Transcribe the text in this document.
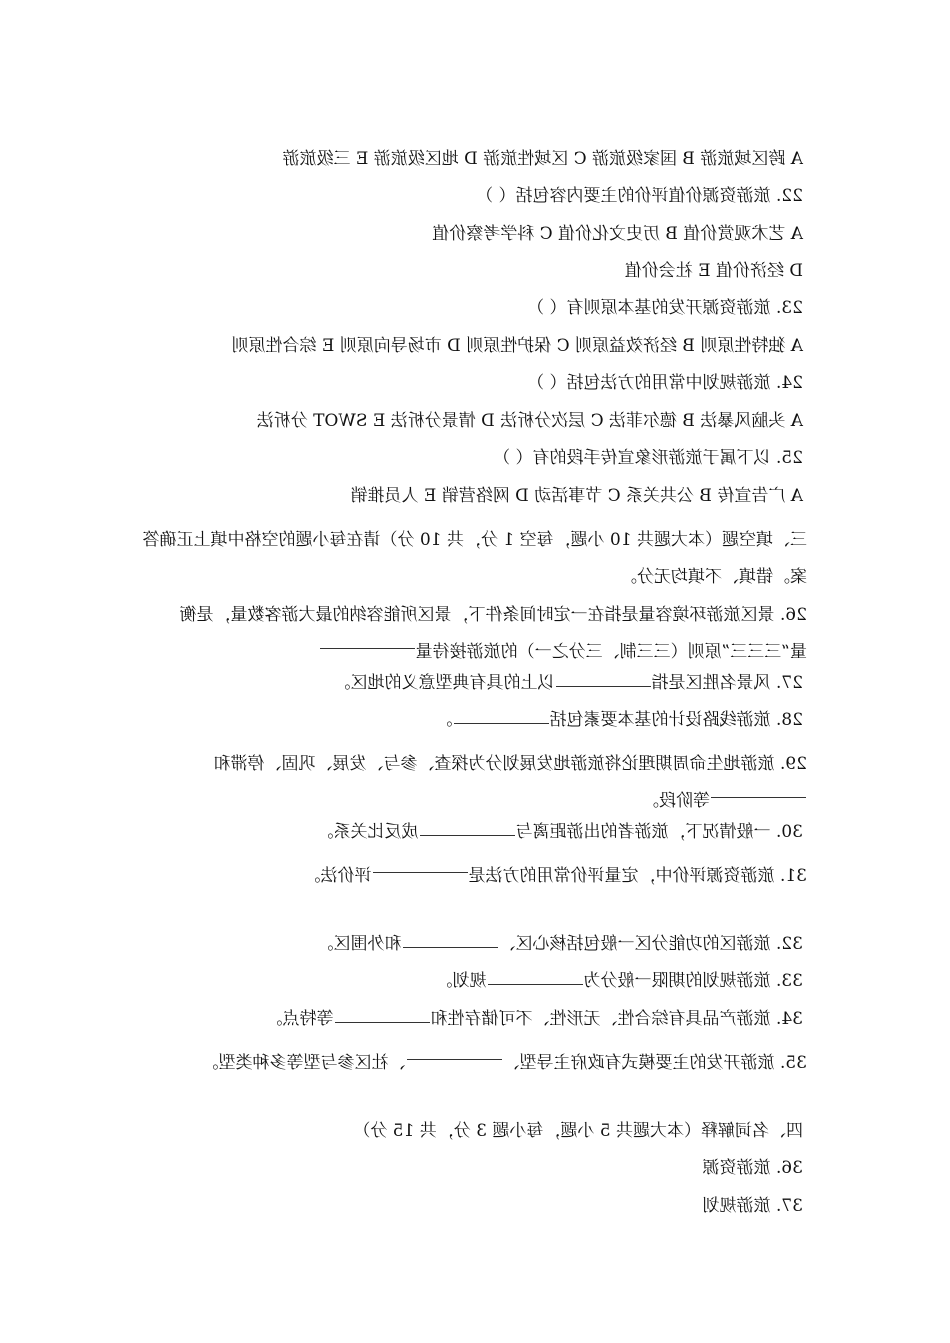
A 跨区域旅游 B 国家级旅游 C 区域性旅游 D 地区级旅游 E 三级旅游
22. 旅游资源价值评价的主要内容包括（ ）
A 艺术观赏价值 B 历史文化价值 C 科学考察价值
D 经济价值 E 社会价值
23. 旅游资源开发的基本原则有（ ）
A 独特性原则 B 经济效益原则 C 保护性原则 D 市场导向原则 E 综合性原则
24. 旅游规划中常用的方法包括（ ）
A 头脑风暴法 B 德尔菲法 C 层次分析法 D 情景分析法 E SWOT 分析法
25. 以下属于旅游形象宣传手段的有（ ）
A 广告宣传 B 公共关系 C 节事活动 D 网络营销 E 人员推销
三、填空题（本大题共 10 小题，每空 1 分，共 10 分）请在每小题的空格中填上正确答案。错填、不填均无分。
26. 景区旅游环境容量是指在一定时间条件下，景区所能容纳的最大游客数量，是衡量“三三三”原则（三三制、三分之一）的旅游接待量
27. 风景名胜区是指以上的具有典型意义的地区。
28. 旅游线路设计的基本要素包括。
29. 旅游地生命周期理论将旅游地发展划分为探查、参与、发展、巩固、停滞和等阶段。
30. 一般情况下，旅游者的出游距离与成反比关系。
31. 旅游资源评价中，定量评价常用的方法是评价法。
32. 旅游区的功能分区一般包括核心区、和外围区。
33. 旅游规划的期限一般分为规划。
34. 旅游产品具有综合性、无形性、不可储存性和等特点。
35. 旅游开发的主要模式有政府主导型、、社区参与型等多种类型。
四、名词解释（本大题共 5 小题，每小题 3 分，共 15 分）
36. 旅游资源
37. 旅游规划
